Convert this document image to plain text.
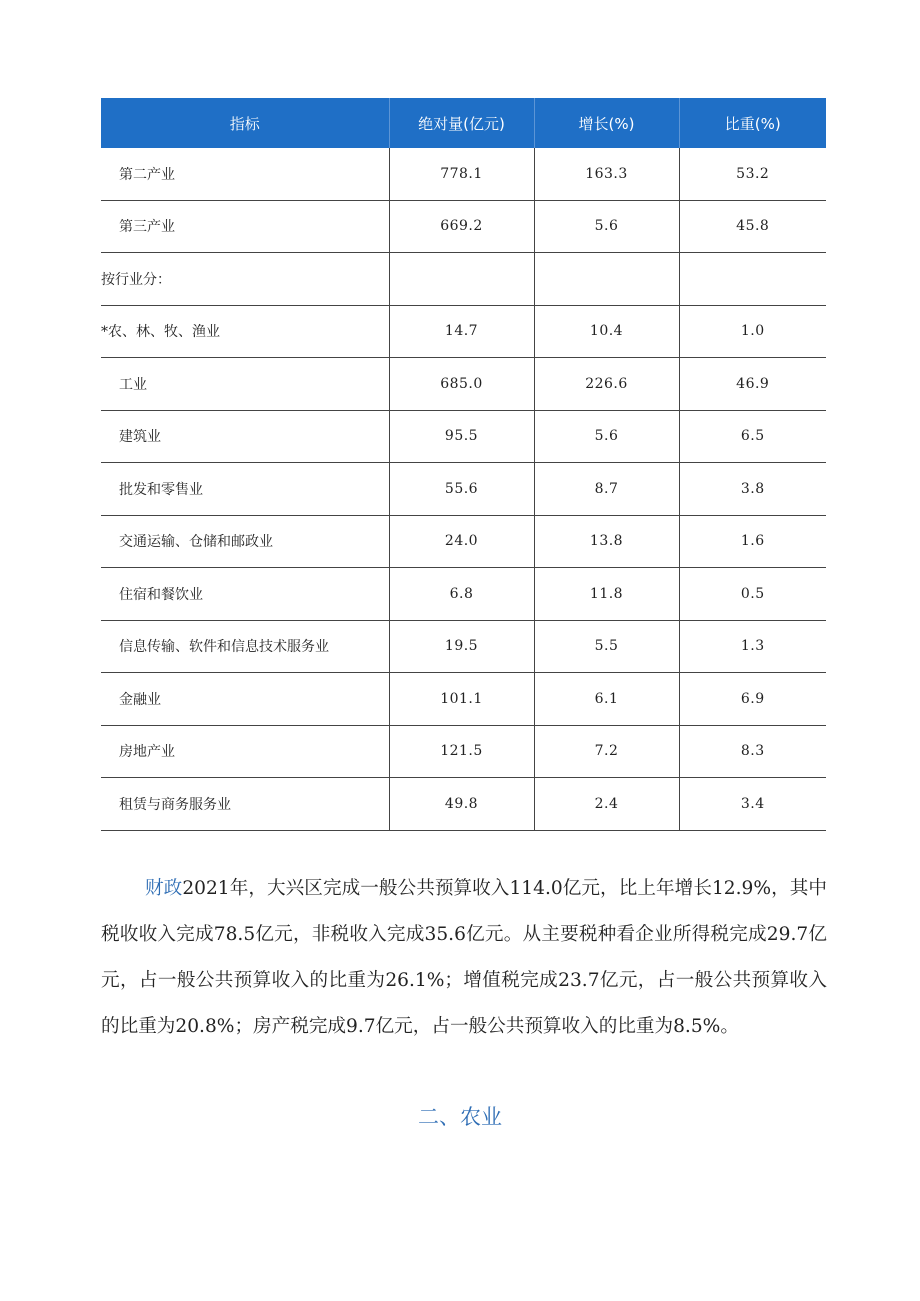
指标	绝对量(亿元)	增长(%)	比重(%)
第二产业	778.1	163.3	53.2
第三产业	669.2	5.6	45.8
按行业分：			
*农、林、牧、渔业	14.7	10.4	1.0
工业	685.0	226.6	46.9
建筑业	95.5	5.6	6.5
批发和零售业	55.6	8.7	3.8
交通运输、仓储和邮政业	24.0	13.8	1.6
住宿和餐饮业	6.8	11.8	0.5
信息传输、软件和信息技术服务业	19.5	5.5	1.3
金融业	101.1	6.1	6.9
房地产业	121.5	7.2	8.3
租赁与商务服务业	49.8	2.4	3.4

财政2021年，大兴区完成一般公共预算收入114.0亿元，比上年增长12.9%，其中税收收入完成78.5亿元，非税收入完成35.6亿元。从主要税种看企业所得税完成29.7亿元，占一般公共预算收入的比重为26.1%；增值税完成23.7亿元，占一般公共预算收入的比重为20.8%；房产税完成9.7亿元，占一般公共预算收入的比重为8.5%。

二、农业
